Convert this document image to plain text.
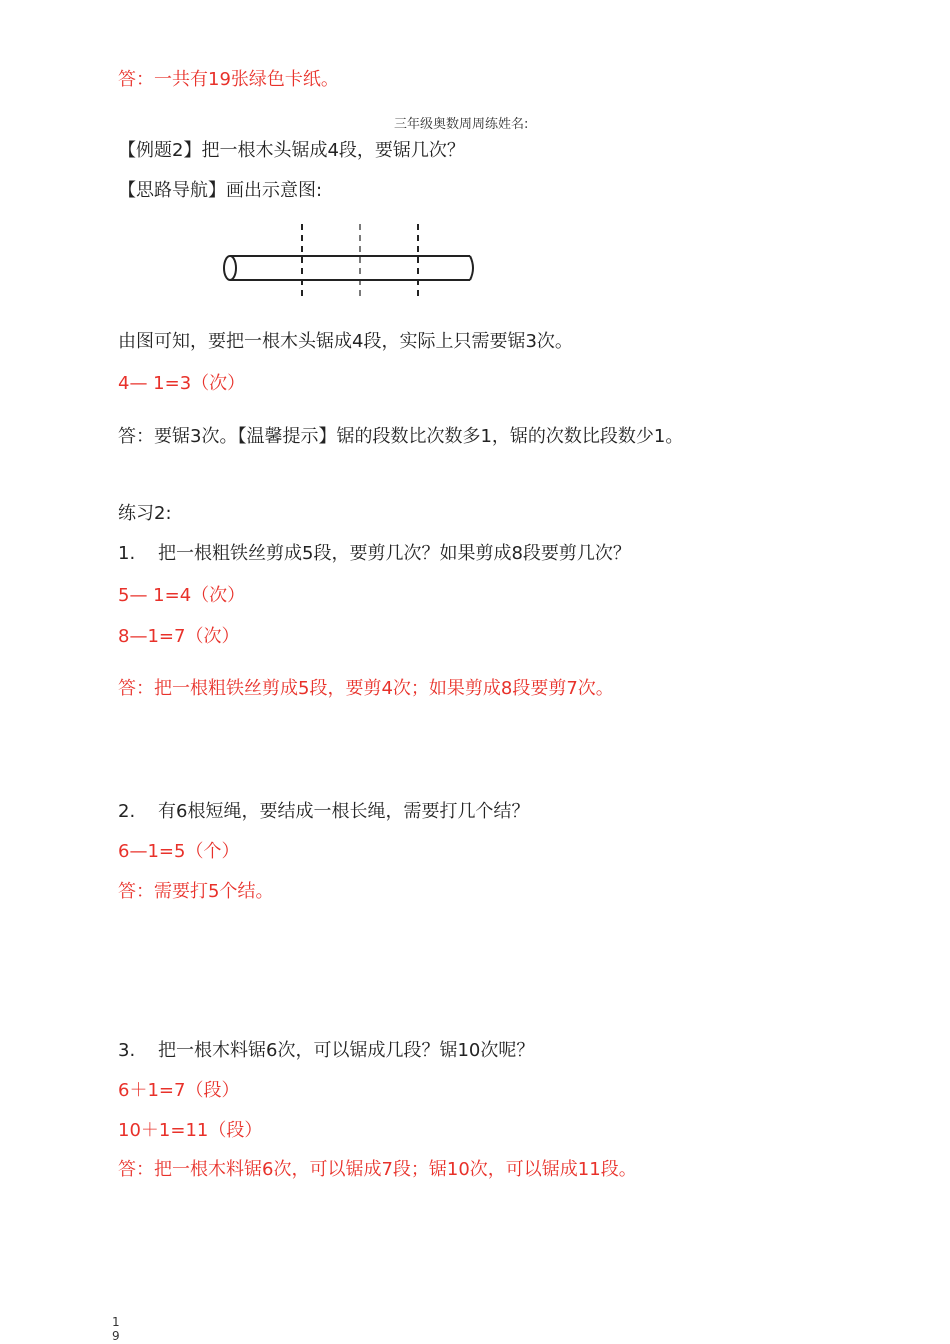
答：一共有19张绿色卡纸。
三年级奥数周周练姓名:
【例题2】把一根木头锯成4段，要锯几次？
【思路导航】画出示意图:
由图可知，要把一根木头锯成4段，实际上只需要锯3次。
4— 1=3（次）
答：要锯3次。【温馨提示】锯的段数比次数多1，锯的次数比段数少1。
练习2:
1. 把一根粗铁丝剪成5段，要剪几次？如果剪成8段要剪几次？
5— 1=4（次）
8—1=7（次）
答：把一根粗铁丝剪成5段，要剪4次；如果剪成8段要剪7次。
2. 有6根短绳，要结成一根长绳，需要打几个结？
6—1=5（个）
答：需要打5个结。
3. 把一根木料锯6次，可以锯成几段？锯10次呢？
6＋1=7（段）
10＋1=11（段）
答：把一根木料锯6次，可以锯成7段；锯10次，可以锯成11段。
1
9
